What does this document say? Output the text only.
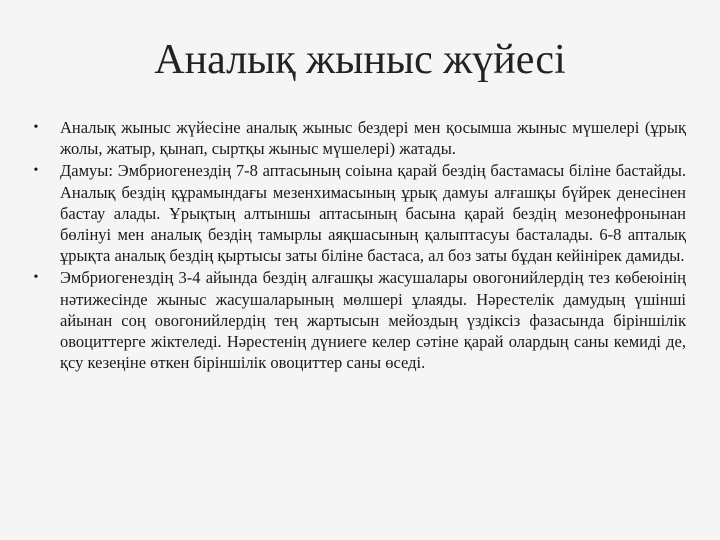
Аналық жыныс жүйесі
• Аналық жыныс жүйесіне аналық жыныс бездері мен қосымша жыныс мүшелері (ұрық жолы, жатыр, қынап, сыртқы жыныс мүшелері) жатады.
• Дамуы: Эмбриогенездің 7-8 аптасының соіына қарай бездің бастамасы біліне бастайды. Аналық бездің құрамындағы мезенхимасының ұрық дамуы алғашқы бүйрек денесінен бастау алады. Ұрықтың алтыншы аптасының басына қарай бездің мезонефронынан бөлінуі мен аналық бездің тамырлы аяқшасының қалыптасуы басталады. 6-8 апталық ұрықта аналық бездің қыртысы заты біліне бастаса, ал боз заты бұдан кейінірек дамиды.
• Эмбриогенездің 3-4 айында бездің алғашқы жасушалары овогонийлердің тез көбеюінің нәтижесінде жыныс жасушаларының мөлшері ұлаяды. Нәрестелік дамудың үшінші айынан соң овогонийлердің тең жартысын мейоздың үздіксіз фазасында біріншілік овоциттерге жіктеледі. Нәрестенің дүниеге келер сәтіне қарай олардың саны кемиді де, қсу кезеңіне өткен біріншілік овоциттер саны өседі.
